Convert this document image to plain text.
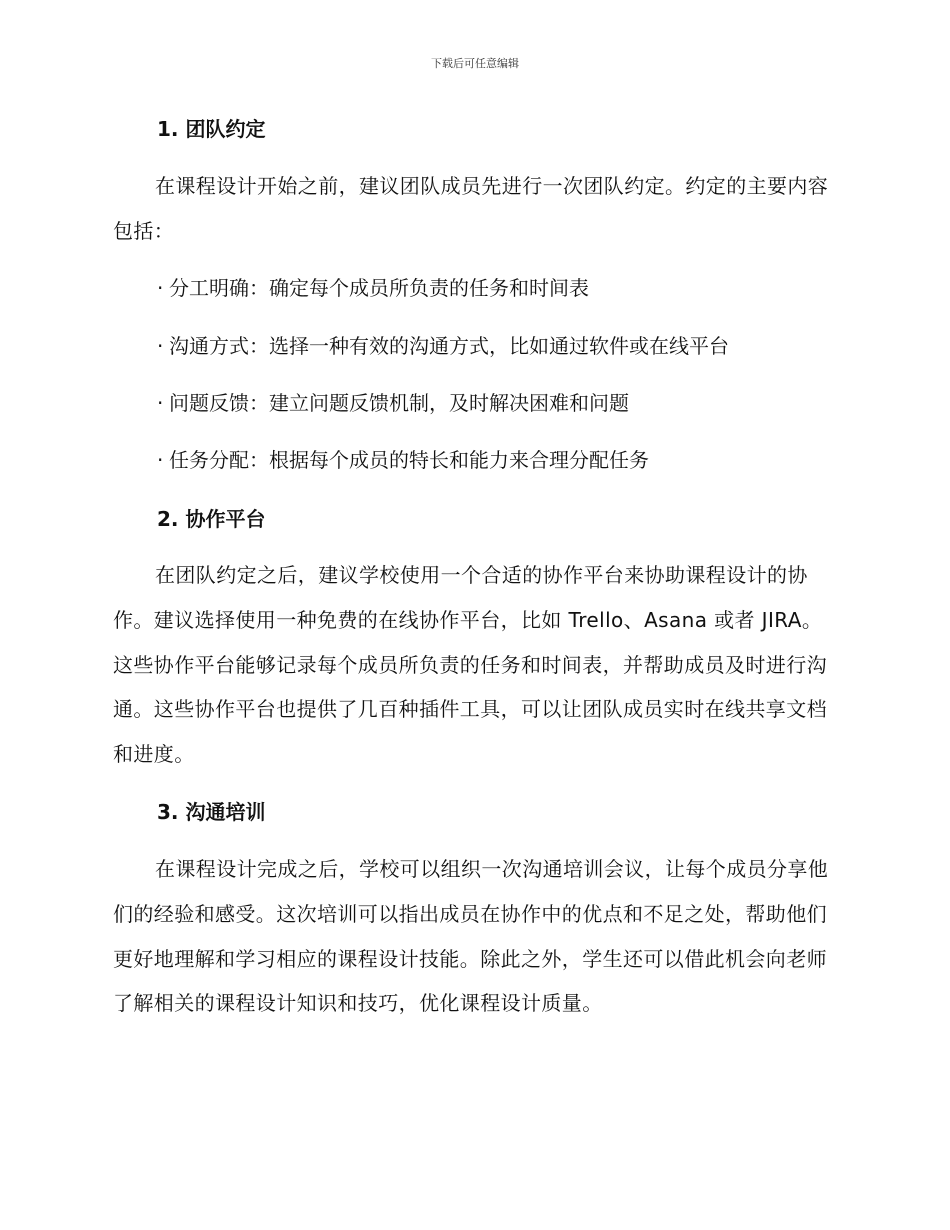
下载后可任意编辑
1. 团队约定

在课程设计开始之前，建议团队成员先进行一次团队约定。约定的主要内容包括：

· 分工明确：确定每个成员所负责的任务和时间表
· 沟通方式：选择一种有效的沟通方式，比如通过软件或在线平台
· 问题反馈：建立问题反馈机制，及时解决困难和问题
· 任务分配：根据每个成员的特长和能力来合理分配任务
2. 协作平台

在团队约定之后，建议学校使用一个合适的协作平台来协助课程设计的协作。建议选择使用一种免费的在线协作平台，比如 Trello、Asana 或者 JIRA。这些协作平台能够记录每个成员所负责的任务和时间表，并帮助成员及时进行沟通。这些协作平台也提供了几百种插件工具，可以让团队成员实时在线共享文档和进度。

3. 沟通培训

在课程设计完成之后，学校可以组织一次沟通培训会议，让每个成员分享他们的经验和感受。这次培训可以指出成员在协作中的优点和不足之处，帮助他们更好地理解和学习相应的课程设计技能。除此之外，学生还可以借此机会向老师了解相关的课程设计知识和技巧，优化课程设计质量。
